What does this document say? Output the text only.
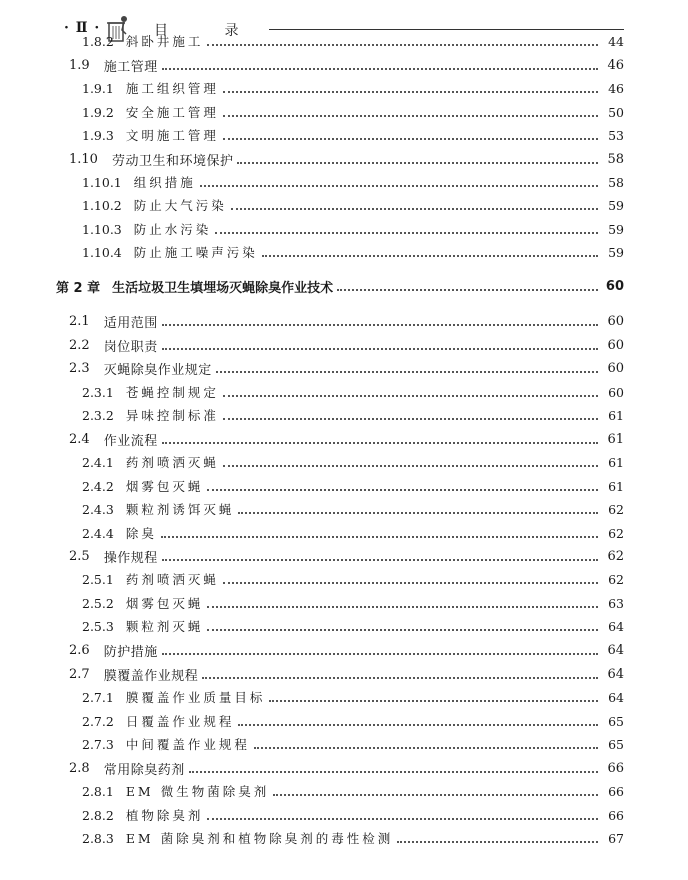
· Ⅱ ·	目 录
1.8.2 斜卧井施工	44
1.9 施工管理	46
1.9.1 施工组织管理	46
1.9.2 安全施工管理	50
1.9.3 文明施工管理	53
1.10 劳动卫生和环境保护	58
1.10.1 组织措施	58
1.10.2 防止大气污染	59
1.10.3 防止水污染	59
1.10.4 防止施工噪声污染	59
第 2 章 生活垃圾卫生填埋场灭蝇除臭作业技术	60
2.1 适用范围	60
2.2 岗位职责	60
2.3 灭蝇除臭作业规定	60
2.3.1 苍蝇控制规定	60
2.3.2 异味控制标准	61
2.4 作业流程	61
2.4.1 药剂喷洒灭蝇	61
2.4.2 烟雾包灭蝇	61
2.4.3 颗粒剂诱饵灭蝇	62
2.4.4 除臭	62
2.5 操作规程	62
2.5.1 药剂喷洒灭蝇	62
2.5.2 烟雾包灭蝇	63
2.5.3 颗粒剂灭蝇	64
2.6 防护措施	64
2.7 膜覆盖作业规程	64
2.7.1 膜覆盖作业质量目标	64
2.7.2 日覆盖作业规程	65
2.7.3 中间覆盖作业规程	65
2.8 常用除臭药剂	66
2.8.1 EM 微生物菌除臭剂	66
2.8.2 植物除臭剂	66
2.8.3 EM 菌除臭剂和植物除臭剂的毒性检测	67
